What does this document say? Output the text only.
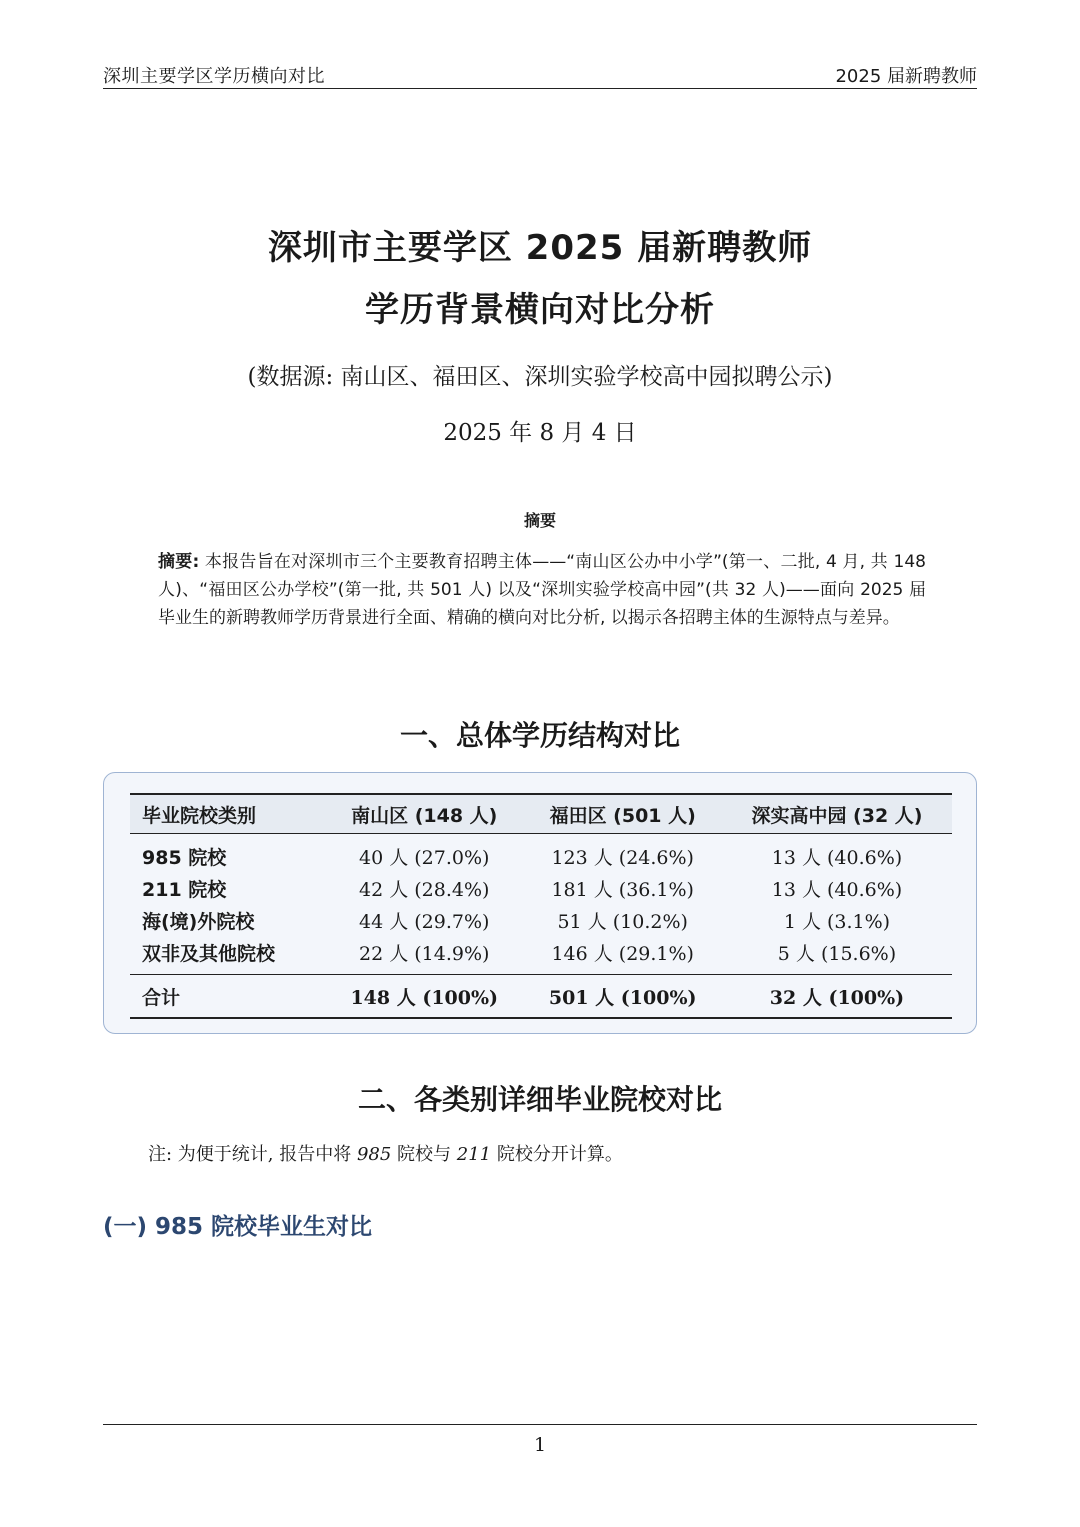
深圳主要学区学历横向对比	2025 届新聘教师
深圳市主要学区 2025 届新聘教师
学历背景横向对比分析
(数据源: 南山区、福田区、深圳实验学校高中园拟聘公示)
2025 年 8 月 4 日
摘要
摘要: 本报告旨在对深圳市三个主要教育招聘主体——“南山区公办中小学”(第一、二批, 4 月, 共 148 人)、“福田区公办学校”(第一批, 共 501 人) 以及“深圳实验学校高中园”(共 32 人)——面向 2025 届毕业生的新聘教师学历背景进行全面、精确的横向对比分析, 以揭示各招聘主体的生源特点与差异。
一、总体学历结构对比
毕业院校类别	南山区 (148 人)	福田区 (501 人)	深实高中园 (32 人)
985 院校	40 人 (27.0%)	123 人 (24.6%)	13 人 (40.6%)
211 院校	42 人 (28.4%)	181 人 (36.1%)	13 人 (40.6%)
海(境)外院校	44 人 (29.7%)	51 人 (10.2%)	1 人 (3.1%)
双非及其他院校	22 人 (14.9%)	146 人 (29.1%)	5 人 (15.6%)
合计	148 人 (100%)	501 人 (100%)	32 人 (100%)
二、各类别详细毕业院校对比
注: 为便于统计, 报告中将 985 院校与 211 院校分开计算。
(一) 985 院校毕业生对比
1
